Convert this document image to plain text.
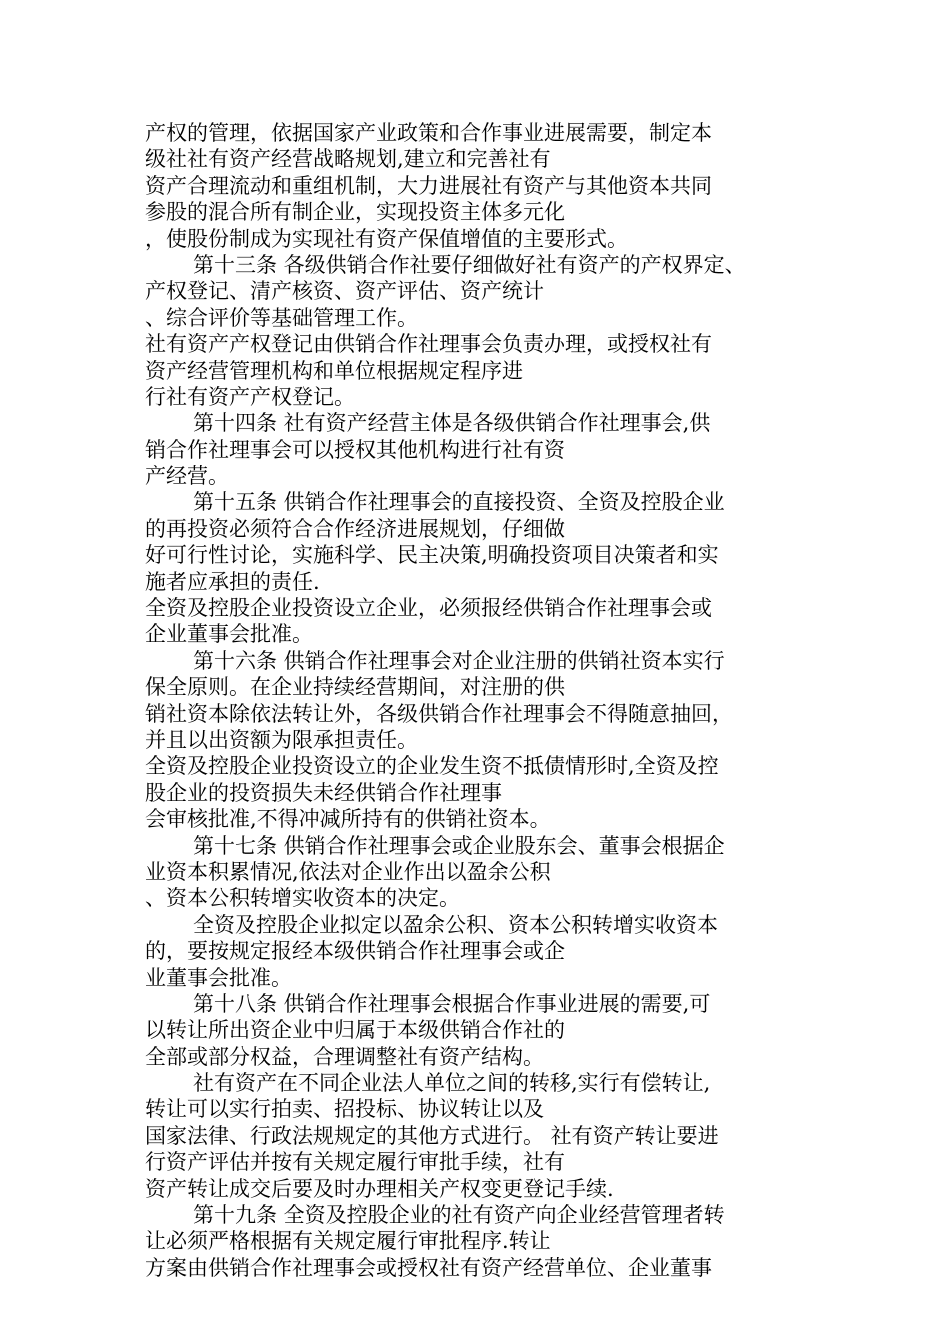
产权的管理，依据国家产业政策和合作事业进展需要，制定本
级社社有资产经营战略规划,建立和完善社有
资产合理流动和重组机制，大力进展社有资产与其他资本共同
参股的混合所有制企业，实现投资主体多元化
，使股份制成为实现社有资产保值增值的主要形式。
第十三条 各级供销合作社要仔细做好社有资产的产权界定、
产权登记、清产核资、资产评估、资产统计
、综合评价等基础管理工作。
社有资产产权登记由供销合作社理事会负责办理，或授权社有
资产经营管理机构和单位根据规定程序进
行社有资产产权登记。
第十四条 社有资产经营主体是各级供销合作社理事会,供
销合作社理事会可以授权其他机构进行社有资
产经营。
第十五条 供销合作社理事会的直接投资、全资及控股企业
的再投资必须符合合作经济进展规划，仔细做
好可行性讨论，实施科学、民主决策,明确投资项目决策者和实
施者应承担的责任.
全资及控股企业投资设立企业，必须报经供销合作社理事会或
企业董事会批准。
第十六条 供销合作社理事会对企业注册的供销社资本实行
保全原则。在企业持续经营期间，对注册的供
销社资本除依法转让外，各级供销合作社理事会不得随意抽回，
并且以出资额为限承担责任。
全资及控股企业投资设立的企业发生资不抵债情形时,全资及控
股企业的投资损失未经供销合作社理事
会审核批准,不得冲减所持有的供销社资本。
第十七条 供销合作社理事会或企业股东会、董事会根据企
业资本积累情况,依法对企业作出以盈余公积
、资本公积转增实收资本的决定。
全资及控股企业拟定以盈余公积、资本公积转增实收资本
的，要按规定报经本级供销合作社理事会或企
业董事会批准。
第十八条 供销合作社理事会根据合作事业进展的需要,可
以转让所出资企业中归属于本级供销合作社的
全部或部分权益，合理调整社有资产结构。
社有资产在不同企业法人单位之间的转移,实行有偿转让,
转让可以实行拍卖、招投标、协议转让以及
国家法律、行政法规规定的其他方式进行。 社有资产转让要进
行资产评估并按有关规定履行审批手续，社有
资产转让成交后要及时办理相关产权变更登记手续.
第十九条 全资及控股企业的社有资产向企业经营管理者转
让必须严格根据有关规定履行审批程序.转让
方案由供销合作社理事会或授权社有资产经营单位、企业董事
